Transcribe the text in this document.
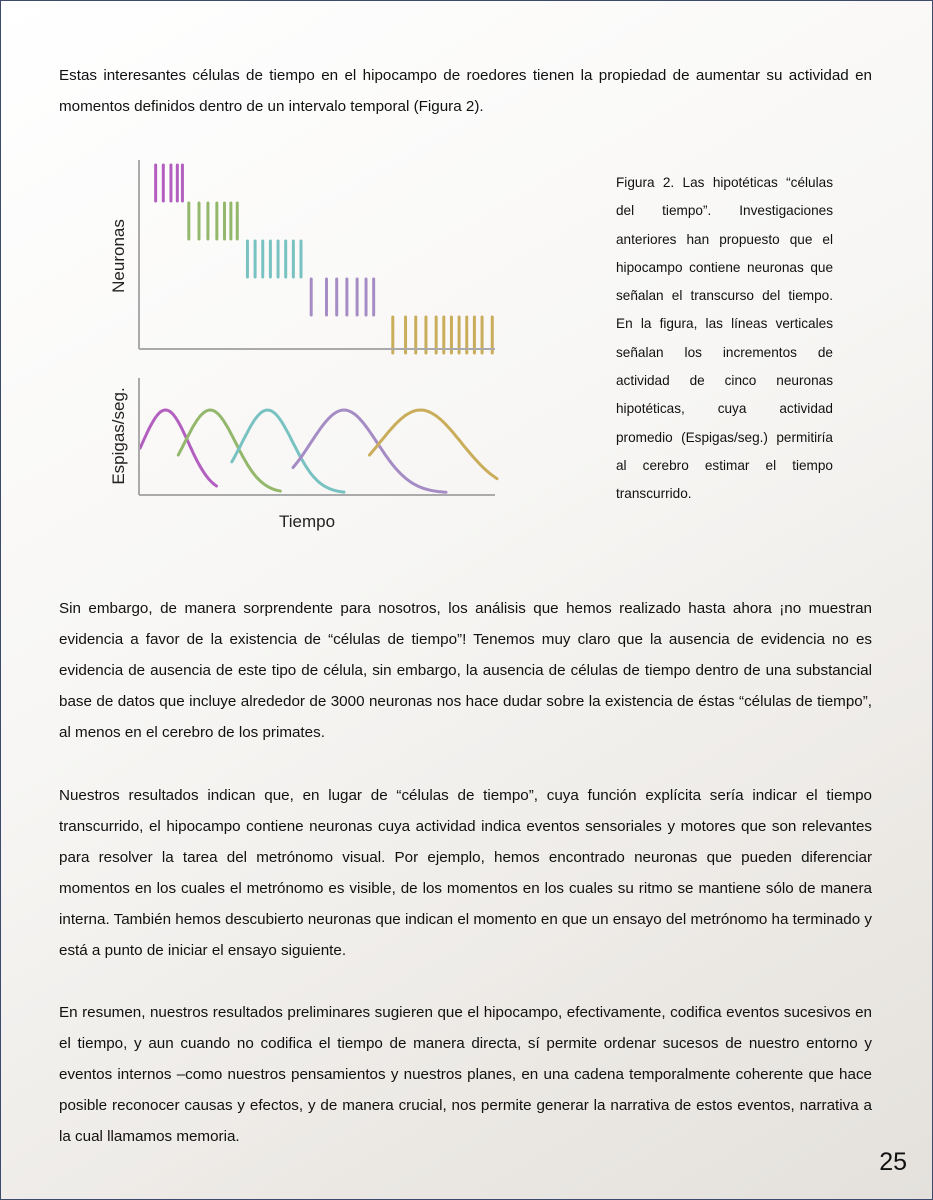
Estas interesantes células de tiempo en el hipocampo de roedores tienen la propiedad de aumentar su actividad en momentos definidos dentro de un intervalo temporal (Figura 2).
Neuronas
Espigas/seg.
Tiempo
Figura 2. Las hipotéticas “células del tiempo”. Investigaciones anteriores han propuesto que el hipocampo contiene neuronas que señalan el transcurso del tiempo. En la figura, las líneas verticales señalan los incrementos de actividad de cinco neuronas hipotéticas, cuya actividad promedio (Espigas/seg.) permitiría al cerebro estimar el tiempo transcurrido.
Sin embargo, de manera sorprendente para nosotros, los análisis que hemos realizado hasta ahora ¡no muestran evidencia a favor de la existencia de “células de tiempo”! Tenemos muy claro que la ausencia de evidencia no es evidencia de ausencia de este tipo de célula, sin embargo, la ausencia de células de tiempo dentro de una substancial base de datos que incluye alrededor de 3000 neuronas nos hace dudar sobre la existencia de éstas “células de tiempo”, al menos en el cerebro de los primates.
Nuestros resultados indican que, en lugar de “células de tiempo”, cuya función explícita sería indicar el tiempo transcurrido, el hipocampo contiene neuronas cuya actividad indica eventos sensoriales y motores que son relevantes para resolver la tarea del metrónomo visual. Por ejemplo, hemos encontrado neuronas que pueden diferenciar momentos en los cuales el metrónomo es visible, de los momentos en los cuales su ritmo se mantiene sólo de manera interna. También hemos descubierto neuronas que indican el momento en que un ensayo del metrónomo ha terminado y está a punto de iniciar el ensayo siguiente.
En resumen, nuestros resultados preliminares sugieren que el hipocampo, efectivamente, codifica eventos sucesivos en el tiempo, y aun cuando no codifica el tiempo de manera directa, sí permite ordenar sucesos de nuestro entorno y eventos internos –como nuestros pensamientos y nuestros planes, en una cadena temporalmente coherente que hace posible reconocer causas y efectos, y de manera crucial, nos permite generar la narrativa de estos eventos, narrativa a la cual llamamos memoria.
25
